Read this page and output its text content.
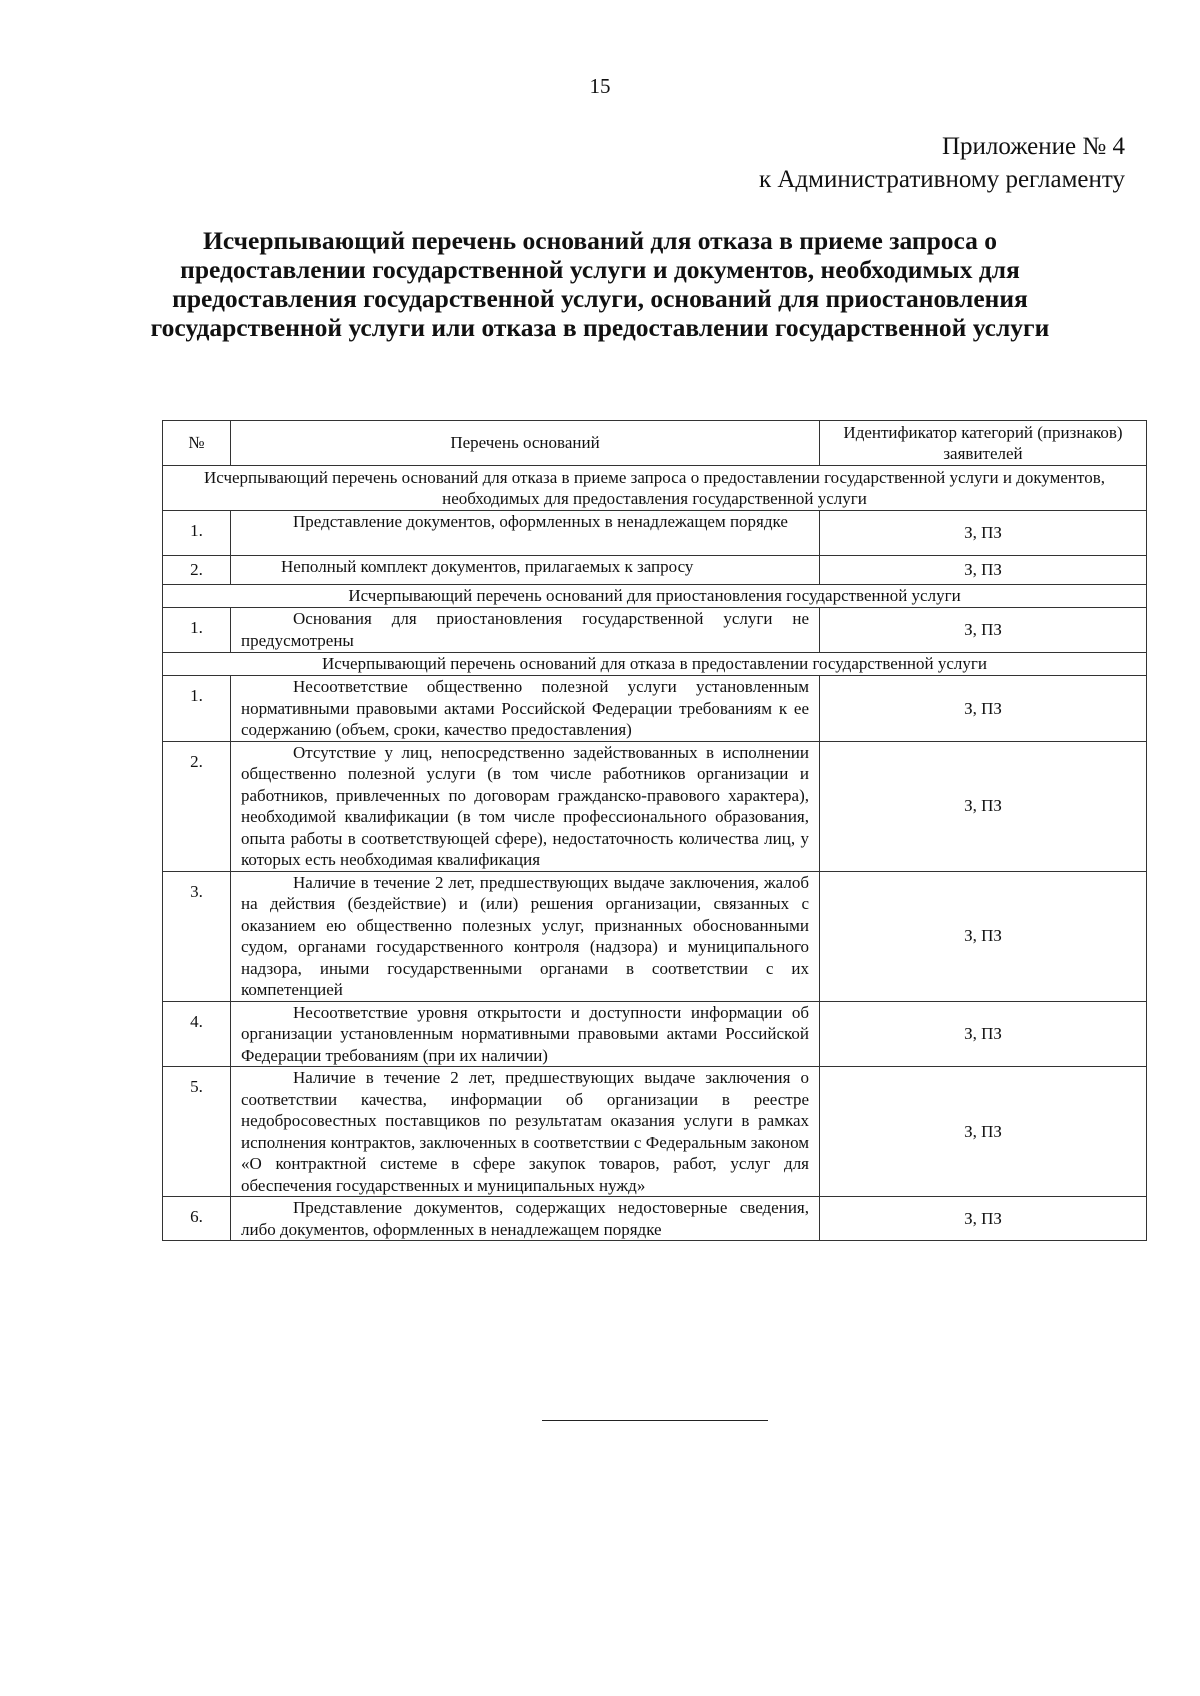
15
Приложение № 4
к Административному регламенту
Исчерпывающий перечень оснований для отказа в приеме запроса о предоставлении государственной услуги и документов, необходимых для предоставления государственной услуги, оснований для приостановления государственной услуги или отказа в предоставлении государственной услуги
№	Перечень оснований	Идентификатор категорий (признаков) заявителей
Исчерпывающий перечень оснований для отказа в приеме запроса о предоставлении государственной услуги и документов, необходимых для предоставления государственной услуги		
1.	Представление документов, оформленных в ненадлежащем порядке	З, ПЗ
2.	Неполный комплект документов, прилагаемых к запросу	З, ПЗ
Исчерпывающий перечень оснований для приостановления государственной услуги		
1.	Основания для приостановления государственной услуги не предусмотрены	З, ПЗ
Исчерпывающий перечень оснований для отказа в предоставлении государственной услуги		
1.	Несоответствие общественно полезной услуги установленным нормативными правовыми актами Российской Федерации требованиям к ее содержанию (объем, сроки, качество предоставления)	З, ПЗ
2.	Отсутствие у лиц, непосредственно задействованных в исполнении общественно полезной услуги (в том числе работников организации и работников, привлеченных по договорам гражданско-правового характера), необходимой квалификации (в том числе профессионального образования, опыта работы в соответствующей сфере), недостаточность количества лиц, у которых есть необходимая квалификация	З, ПЗ
3.	Наличие в течение 2 лет, предшествующих выдаче заключения, жалоб на действия (бездействие) и (или) решения организации, связанных с оказанием ею общественно полезных услуг, признанных обоснованными судом, органами государственного контроля (надзора) и муниципального надзора, иными государственными органами в соответствии с их компетенцией	З, ПЗ
4.	Несоответствие уровня открытости и доступности информации об организации установленным нормативными правовыми актами Российской Федерации требованиям (при их наличии)	З, ПЗ
5.	Наличие в течение 2 лет, предшествующих выдаче заключения о соответствии качества, информации об организации в реестре недобросовестных поставщиков по результатам оказания услуги в рамках исполнения контрактов, заключенных в соответствии с Федеральным законом «О контрактной системе в сфере закупок товаров, работ, услуг для обеспечения государственных и муниципальных нужд»	З, ПЗ
6.	Представление документов, содержащих недостоверные сведения, либо документов, оформленных в ненадлежащем порядке	З, ПЗ
